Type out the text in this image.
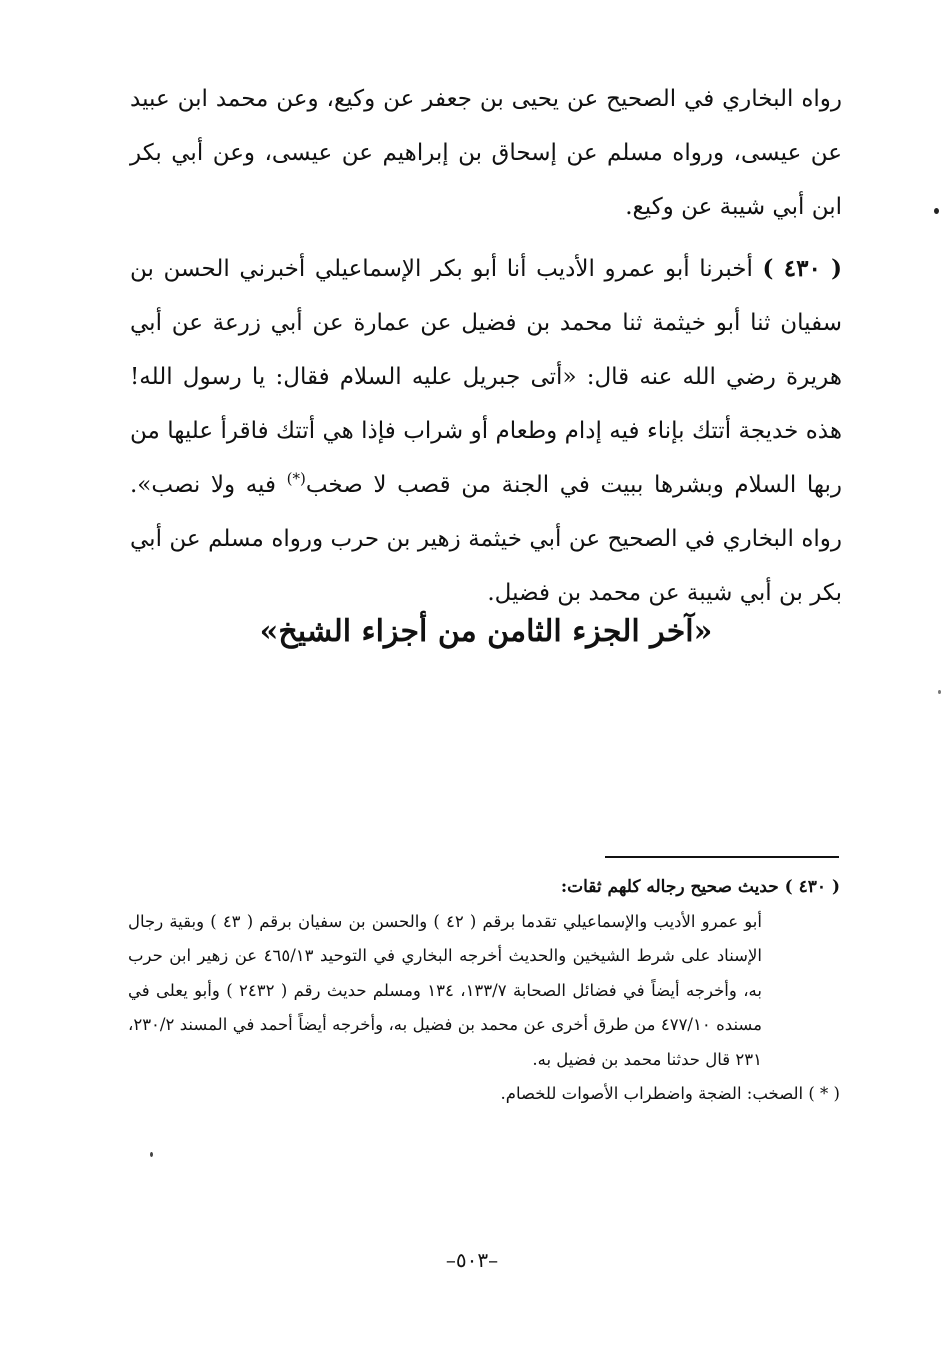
رواه البخاري في الصحيح عن يحيى بن جعفر عن وكيع، وعن محمد ابن عبيد عن عيسى، ورواه مسلم عن إسحاق بن إبراهيم عن عيسى، وعن أبي بكر ابن أبي شيبة عن وكيع.

( ٤٣٠ ) أخبرنا أبو عمرو الأديب أنا أبو بكر الإسماعيلي أخبرني الحسن بن سفيان ثنا أبو خيثمة ثنا محمد بن فضيل عن عمارة عن أبي زرعة عن أبي هريرة رضي الله عنه قال: «أتى جبريل عليه السلام فقال: يا رسول الله! هذه خديجة أتتك بإناء فيه إدام وطعام أو شراب فإذا هي أتتك فاقرأ عليها من ربها السلام وبشرها ببيت في الجنة من قصب لا صخب(*) فيه ولا نصب». رواه البخاري في الصحيح عن أبي خيثمة زهير بن حرب ورواه مسلم عن أبي بكر بن أبي شيبة عن محمد بن فضيل.

«آخر الجزء الثامن من أجزاء الشيخ»

( ٤٣٠ ) حديث صحيح رجاله كلهم ثقات:

أبو عمرو الأديب والإسماعيلي تقدما برقم ( ٤٢ ) والحسن بن سفيان برقم ( ٤٣ ) وبقية رجال الإسناد على شرط الشيخين والحديث أخرجه البخاري في التوحيد ٤٦٥/١٣ عن زهير ابن حرب به، وأخرجه أيضاً في فضائل الصحابة ١٣٣/٧، ١٣٤ ومسلم حديث رقم ( ٢٤٣٢ ) وأبو يعلى في مسنده ٤٧٧/١٠ من طرق أخرى عن محمد بن فضيل به، وأخرجه أيضاً أحمد في المسند ٢٣٠/٢، ٢٣١ قال حدثنا محمد بن فضيل به.

( * ) الصخب: الضجة واضطراب الأصوات للخصام.

–٥٠٣–
